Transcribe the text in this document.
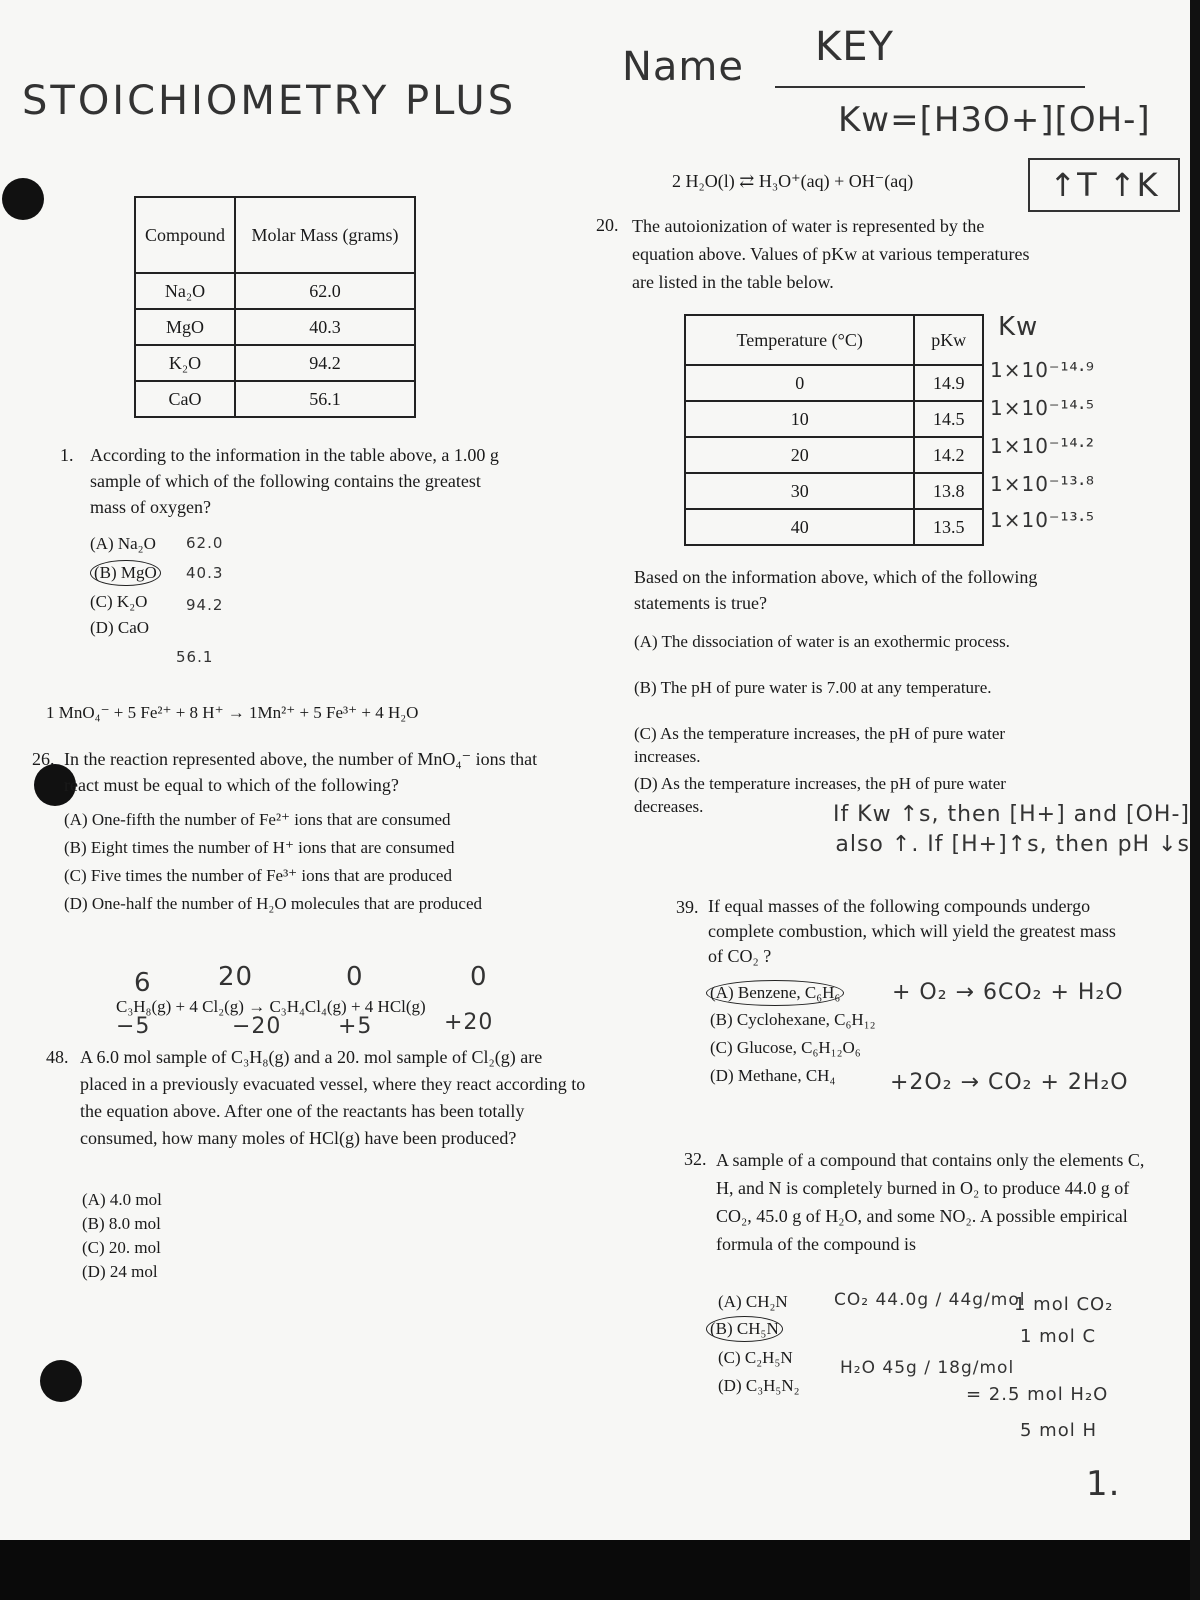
STOICHIOMETRY PLUS
Name KEY
Kw=[H3O+][OH-]
↑T ↑K
Compound	Molar Mass (grams)
Na₂O	62.0
MgO	40.3
K₂O	94.2
CaO	56.1
1. According to the information in the table above, a 1.00 g sample of which of the following contains the greatest mass of oxygen?
(A) Na₂O
(B) MgO
(C) K₂O
(D) CaO
62.0
40.3
94.2
56.1
1 MnO₄⁻ + 5 Fe²⁺ + 8 H⁺ → 1Mn²⁺ + 5 Fe³⁺ + 4 H₂O
26. In the reaction represented above, the number of MnO₄⁻ ions that react must be equal to which of the following?
(A) One-fifth the number of Fe²⁺ ions that are consumed
(B) Eight times the number of H⁺ ions that are consumed
(C) Five times the number of Fe³⁺ ions that are produced
(D) One-half the number of H₂O molecules that are produced
6	20	0	0
C₃H₈(g) + 4 Cl₂(g) → C₃H₄Cl₄(g) + 4 HCl(g)
−5	−20	+5	+20
48. A 6.0 mol sample of C₃H₈(g) and a 20. mol sample of Cl₂(g) are placed in a previously evacuated vessel, where they react according to the equation above. After one of the reactants has been totally consumed, how many moles of HCl(g) have been produced?
(A) 4.0 mol
(B) 8.0 mol
(C) 20. mol
(D) 24 mol
2 H₂O(l) ⇄ H₃O⁺(aq) + OH⁻(aq)
20. The autoionization of water is represented by the equation above. Values of pKw at various temperatures are listed in the table below.
Temperature (°C)	pKw
0	14.9
10	14.5
20	14.2
30	13.8
40	13.5
Kw
1×10⁻¹⁴·⁹
1×10⁻¹⁴·⁵
1×10⁻¹⁴·²
1×10⁻¹³·⁸
1×10⁻¹³·⁵
Based on the information above, which of the following statements is true?
(A) The dissociation of water is an exothermic process.
(B) The pH of pure water is 7.00 at any temperature.
(C) As the temperature increases, the pH of pure water increases.
(D) As the temperature increases, the pH of pure water decreases.	If Kw ↑s, then [H+] and [OH-] also ↑. If [H+]↑s, then pH ↓s
39. If equal masses of the following compounds undergo complete combustion, which will yield the greatest mass of CO₂ ?
(A) Benzene, C₆H₆ + O₂ → 6CO₂ + H₂O
(B) Cyclohexane, C₆H₁₂
(C) Glucose, C₆H₁₂O₆
(D) Methane, CH₄ +2O₂ → CO₂ + 2H₂O
32. A sample of a compound that contains only the elements C, H, and N is completely burned in O₂ to produce 44.0 g of CO₂, 45.0 g of H₂O, and some NO₂. A possible empirical formula of the compound is
(A) CH₂N
(B) CH₅N
(C) C₂H₅N
(D) C₃H₅N₂
CO₂ 44.0g / 44g/mol
1 mol CO₂
1 mol C
H₂O 45g / 18g/mol
= 2.5 mol H₂O
5 mol H
1.
